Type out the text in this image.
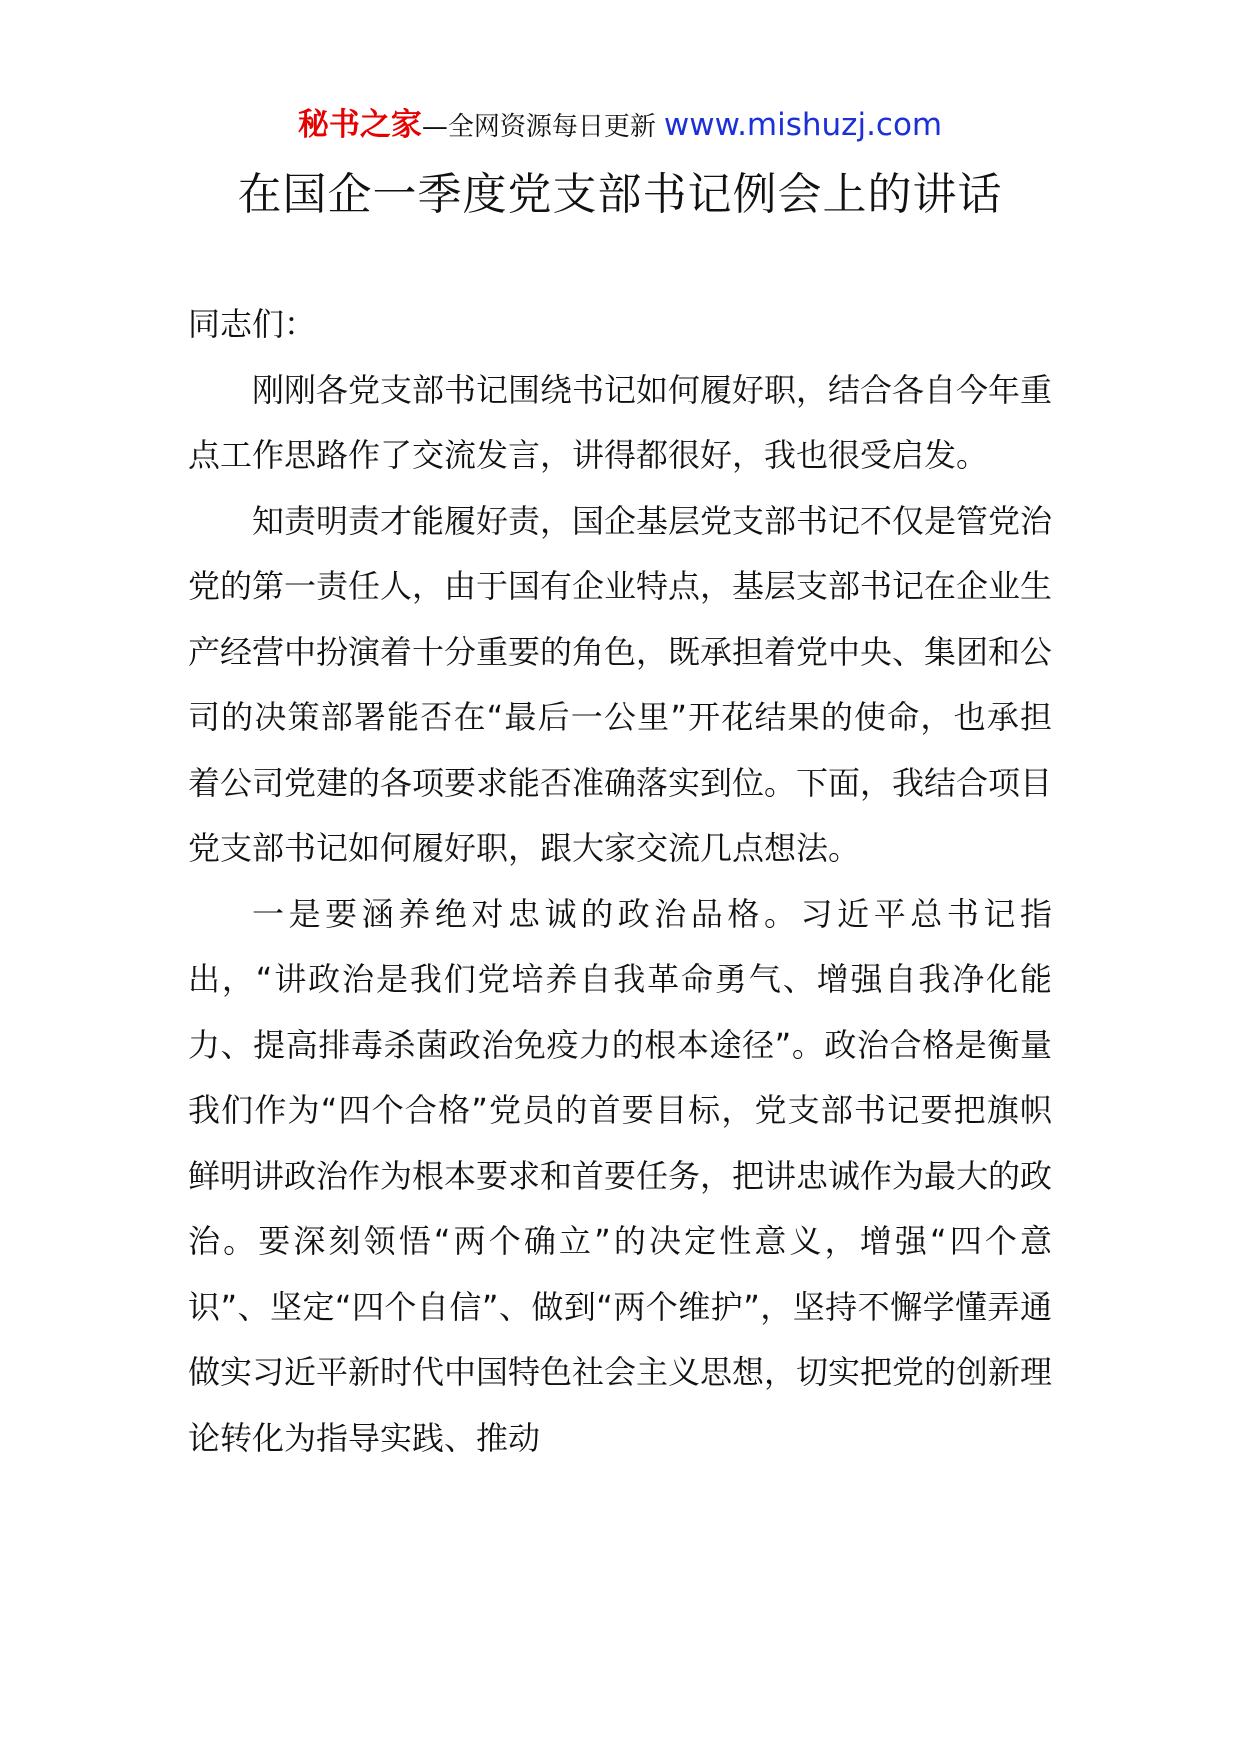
秘书之家—全网资源每日更新 www.mishuzj.com
在国企一季度党支部书记例会上的讲话

同志们：

刚刚各党支部书记围绕书记如何履好职，结合各自今年重点工作思路作了交流发言，讲得都很好，我也很受启发。

知责明责才能履好责，国企基层党支部书记不仅是管党治党的第一责任人，由于国有企业特点，基层支部书记在企业生产经营中扮演着十分重要的角色，既承担着党中央、集团和公司的决策部署能否在“最后一公里”开花结果的使命，也承担着公司党建的各项要求能否准确落实到位。下面，我结合项目党支部书记如何履好职，跟大家交流几点想法。

一是要涵养绝对忠诚的政治品格。习近平总书记指出，“讲政治是我们党培养自我革命勇气、增强自我净化能力、提高排毒杀菌政治免疫力的根本途径”。政治合格是衡量我们作为“四个合格”党员的首要目标，党支部书记要把旗帜鲜明讲政治作为根本要求和首要任务，把讲忠诚作为最大的政治。要深刻领悟“两个确立”的决定性意义，增强“四个意识”、坚定“四个自信”、做到“两个维护”，坚持不懈学懂弄通做实习近平新时代中国特色社会主义思想，切实把党的创新理论转化为指导实践、推动
